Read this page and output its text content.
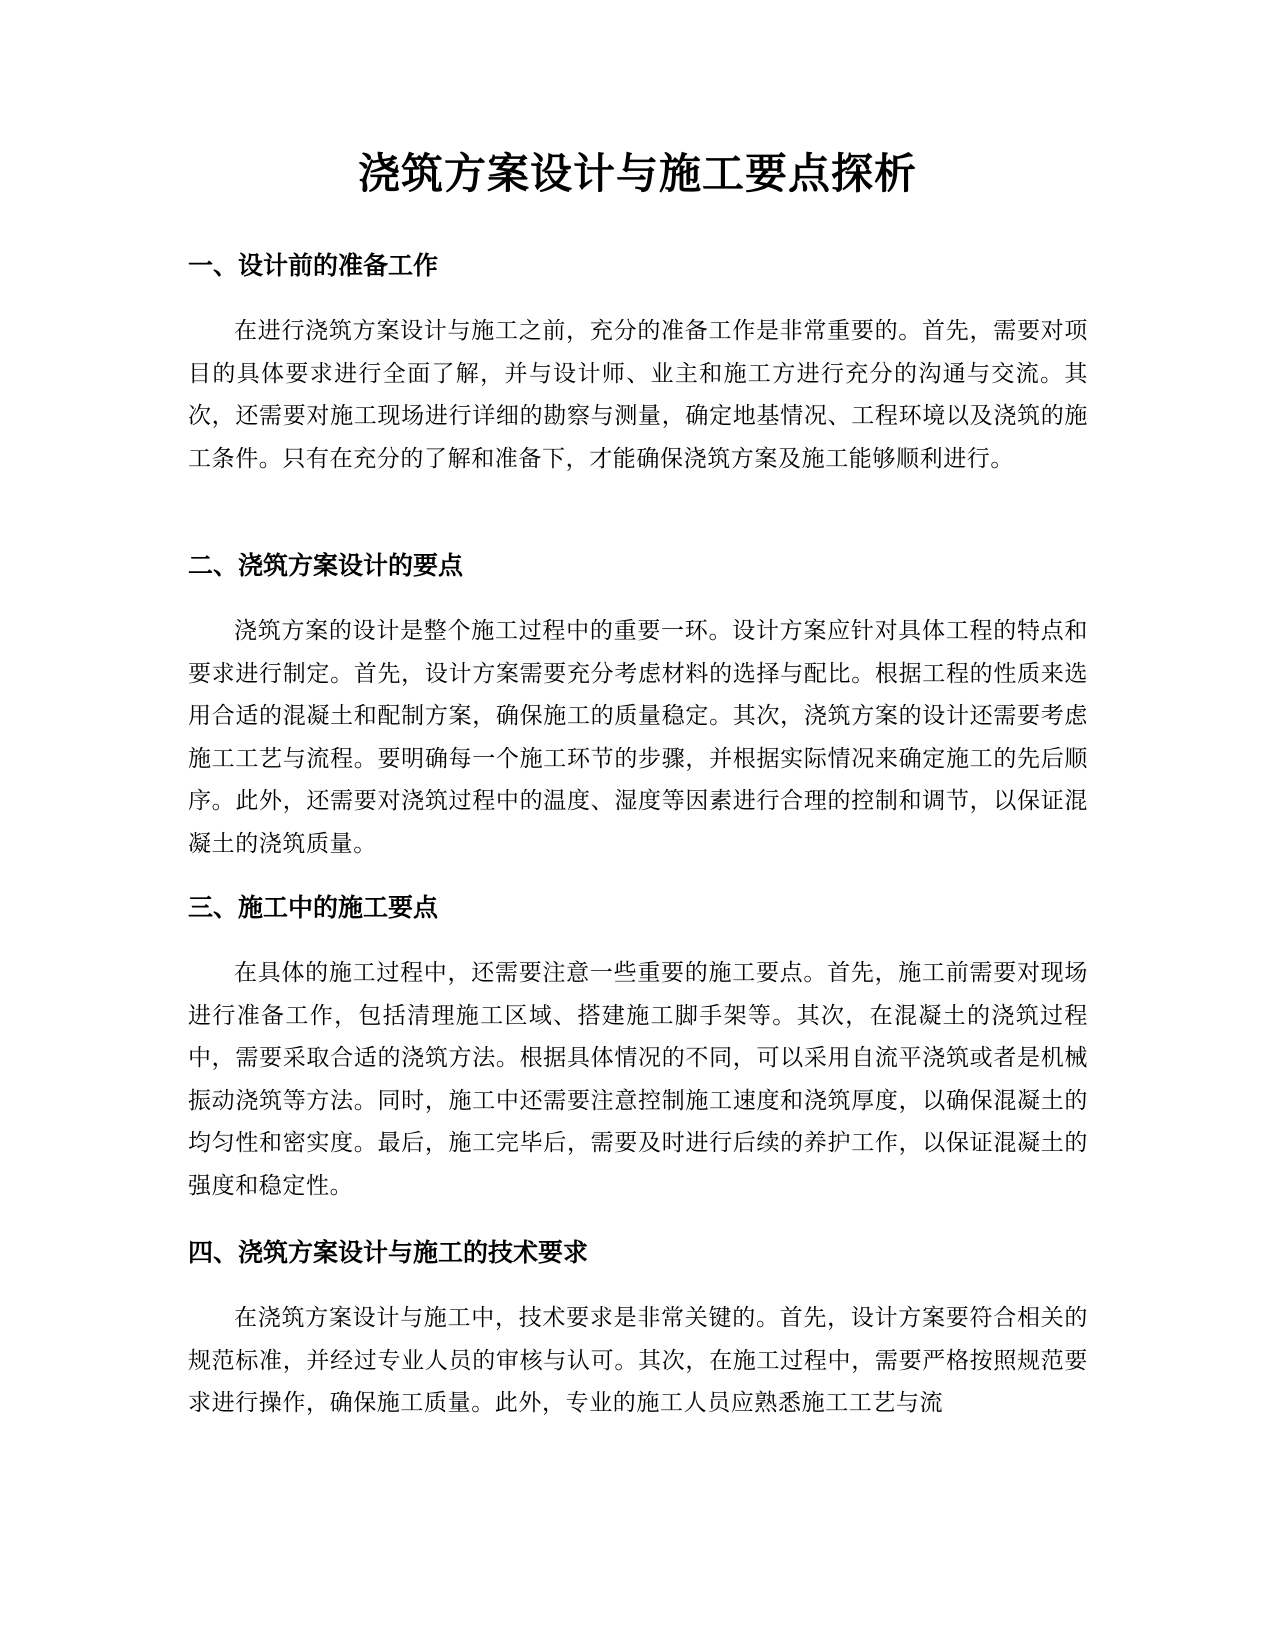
浇筑方案设计与施工要点探析
一、设计前的准备工作

在进行浇筑方案设计与施工之前，充分的准备工作是非常重要的。首先，需要对项目的具体要求进行全面了解，并与设计师、业主和施工方进行充分的沟通与交流。其次，还需要对施工现场进行详细的勘察与测量，确定地基情况、工程环境以及浇筑的施工条件。只有在充分的了解和准备下，才能确保浇筑方案及施工能够顺利进行。

二、浇筑方案设计的要点

浇筑方案的设计是整个施工过程中的重要一环。设计方案应针对具体工程的特点和要求进行制定。首先，设计方案需要充分考虑材料的选择与配比。根据工程的性质来选用合适的混凝土和配制方案，确保施工的质量稳定。其次，浇筑方案的设计还需要考虑施工工艺与流程。要明确每一个施工环节的步骤，并根据实际情况来确定施工的先后顺序。此外，还需要对浇筑过程中的温度、湿度等因素进行合理的控制和调节，以保证混凝土的浇筑质量。

三、施工中的施工要点

在具体的施工过程中，还需要注意一些重要的施工要点。首先，施工前需要对现场进行准备工作，包括清理施工区域、搭建施工脚手架等。其次，在混凝土的浇筑过程中，需要采取合适的浇筑方法。根据具体情况的不同，可以采用自流平浇筑或者是机械振动浇筑等方法。同时，施工中还需要注意控制施工速度和浇筑厚度，以确保混凝土的均匀性和密实度。最后，施工完毕后，需要及时进行后续的养护工作，以保证混凝土的强度和稳定性。

四、浇筑方案设计与施工的技术要求

在浇筑方案设计与施工中，技术要求是非常关键的。首先，设计方案要符合相关的规范标准，并经过专业人员的审核与认可。其次，在施工过程中，需要严格按照规范要求进行操作，确保施工质量。此外，专业的施工人员应熟悉施工工艺与流
